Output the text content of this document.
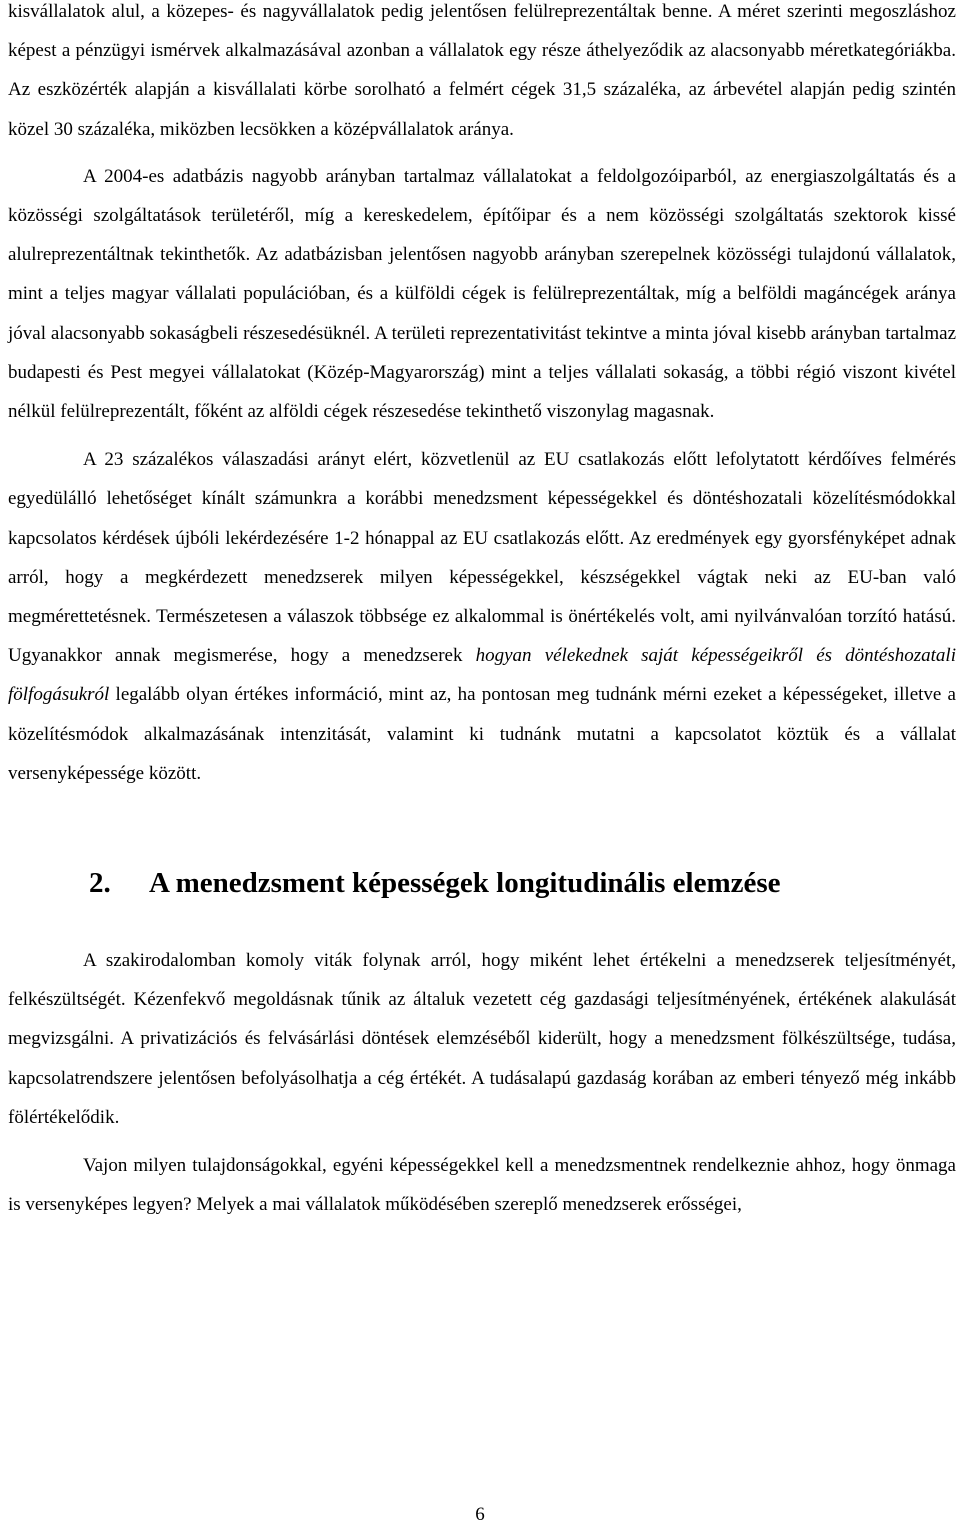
kisvállalatok alul, a közepes- és nagyvállalatok pedig jelentősen felülreprezentáltak benne. A méret szerinti megoszláshoz képest a pénzügyi ismérvek alkalmazásával azonban a vállalatok egy része áthelyeződik az alacsonyabb méretkategóriákba. Az eszközérték alapján a kisvállalati körbe sorolható a felmért cégek 31,5 százaléka, az árbevétel alapján pedig szintén közel 30 százaléka, miközben lecsökken a középvállalatok aránya.

A 2004-es adatbázis nagyobb arányban tartalmaz vállalatokat a feldolgozóiparból, az energiaszolgáltatás és a közösségi szolgáltatások területéről, míg a kereskedelem, építőipar és a nem közösségi szolgáltatás szektorok kissé alulreprezentáltnak tekinthetők. Az adatbázisban jelentősen nagyobb arányban szerepelnek közösségi tulajdonú vállalatok, mint a teljes magyar vállalati populációban, és a külföldi cégek is felülreprezentáltak, míg a belföldi magáncégek aránya jóval alacsonyabb sokaságbeli részesedésüknél. A területi reprezentativitást tekintve a minta jóval kisebb arányban tartalmaz budapesti és Pest megyei vállalatokat (Közép-Magyarország) mint a teljes vállalati sokaság, a többi régió viszont kivétel nélkül felülreprezentált, főként az alföldi cégek részesedése tekinthető viszonylag magasnak.

A 23 százalékos válaszadási arányt elért, közvetlenül az EU csatlakozás előtt lefolytatott kérdőíves felmérés egyedülálló lehetőséget kínált számunkra a korábbi menedzsment képességekkel és döntéshozatali közelítésmódokkal kapcsolatos kérdések újbóli lekérdezésére 1-2 hónappal az EU csatlakozás előtt. Az eredmények egy gyorsfényképet adnak arról, hogy a megkérdezett menedzserek milyen képességekkel, készségekkel vágtak neki az EU-ban való megmérettetésnek. Természetesen a válaszok többsége ez alkalommal is önértékelés volt, ami nyilvánvalóan torzító hatású. Ugyanakkor annak megismerése, hogy a menedzserek hogyan vélekednek saját képességeikről és döntéshozatali fölfogásukról legalább olyan értékes információ, mint az, ha pontosan meg tudnánk mérni ezeket a képességeket, illetve a közelítésmódok alkalmazásának intenzitását, valamint ki tudnánk mutatni a kapcsolatot köztük és a vállalat versenyképessége között.

2. A menedzsment képességek longitudinális elemzése

A szakirodalomban komoly viták folynak arról, hogy miként lehet értékelni a menedzserek teljesítményét, felkészültségét. Kézenfekvő megoldásnak tűnik az általuk vezetett cég gazdasági teljesítményének, értékének alakulását megvizsgálni. A privatizációs és felvásárlási döntések elemzéséből kiderült, hogy a menedzsment fölkészültsége, tudása, kapcsolatrendszere jelentősen befolyásolhatja a cég értékét. A tudásalapú gazdaság korában az emberi tényező még inkább fölértékelődik.

Vajon milyen tulajdonságokkal, egyéni képességekkel kell a menedzsmentnek rendelkeznie ahhoz, hogy önmaga is versenyképes legyen? Melyek a mai vállalatok működésében szereplő menedzserek erősségei,

6
